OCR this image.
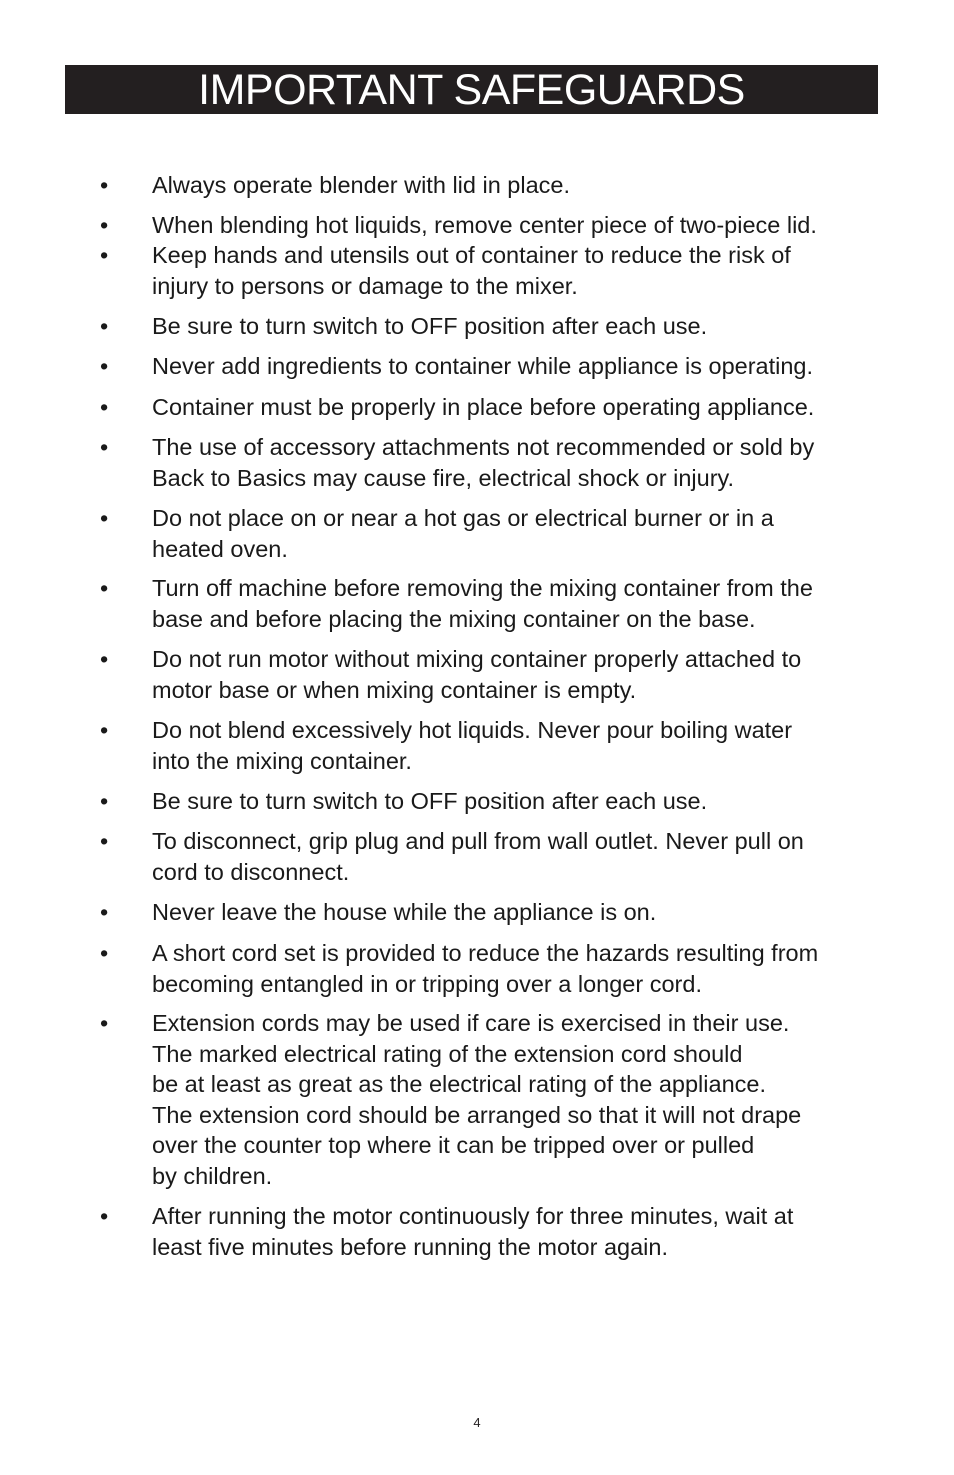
IMPORTANT SAFEGUARDS
•	Always operate blender with lid in place.
•	When blending hot liquids, remove center piece of two-piece lid.
•	Keep hands and utensils out of container to reduce the risk of
injury to persons or damage to the mixer.
•	Be sure to turn switch to OFF position after each use.
•	Never add ingredients to container while appliance is operating.
•	Container must be properly in place before operating appliance.
•	The use of accessory attachments not recommended or sold by
Back to Basics may cause fire, electrical shock or injury.
•	Do not place on or near a hot gas or electrical burner or in a
heated oven.
•	Turn off machine before removing the mixing container from the
base and before placing the mixing container on the base.
•	Do not run motor without mixing container properly attached to
motor base or when mixing container is empty.
•	Do not blend excessively hot liquids. Never pour boiling water
into the mixing container.
•	Be sure to turn switch to OFF position after each use.
•	To disconnect, grip plug and pull from wall outlet. Never pull on
cord to disconnect.
•	Never leave the house while the appliance is on.
•	A short cord set is provided to reduce the hazards resulting from
becoming entangled in or tripping over a longer cord.
•	Extension cords may be used if care is exercised in their use.
The marked electrical rating of the extension cord should
be at least as great as the electrical rating of the appliance.
The extension cord should be arranged so that it will not drape
over the counter top where it can be tripped over or pulled
by children.
•	After running the motor continuously for three minutes, wait at
least five minutes before running the motor again.
4
